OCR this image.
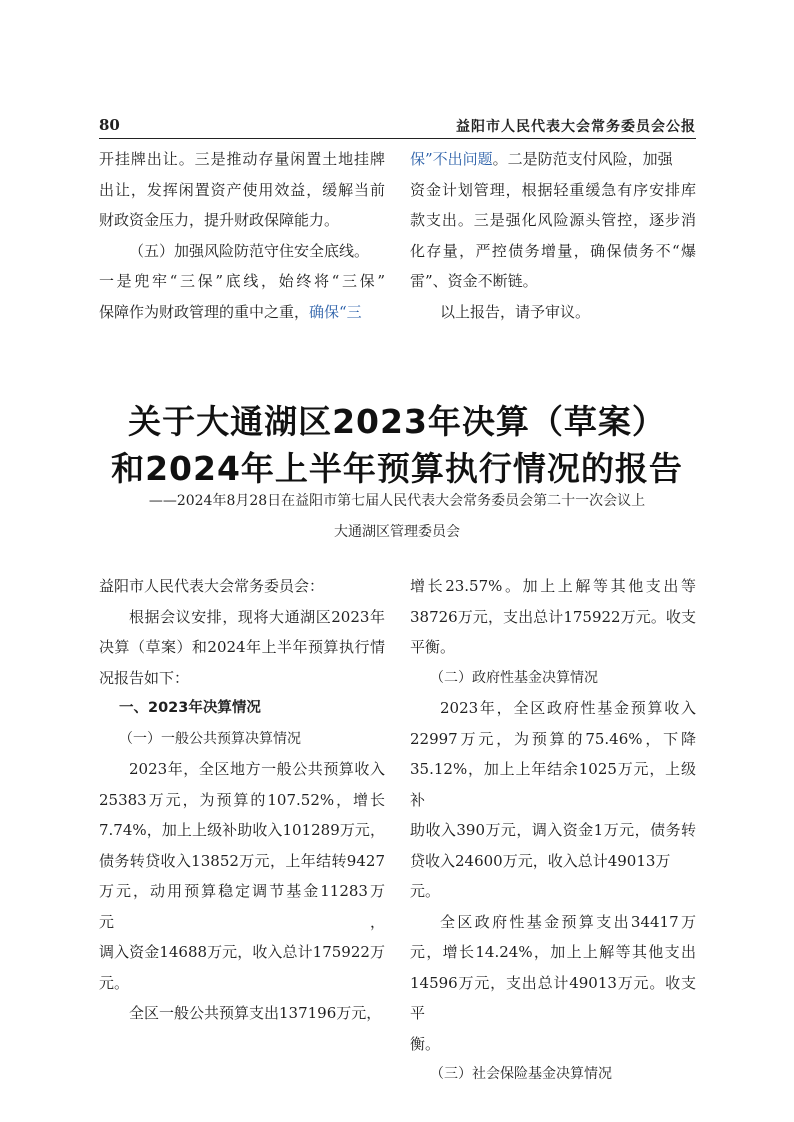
80	益阳市人民代表大会常务委员会公报

开挂牌出让。三是推动存量闲置土地挂牌

出让，发挥闲置资产使用效益，缓解当前

财政资金压力，提升财政保障能力。

（五）加强风险防范守住安全底线。

一是兜牢“三保”底线，始终将“三保”

保障作为财政管理的重中之重，确保“三

保”不出问题。二是防范支付风险，加强

资金计划管理，根据轻重缓急有序安排库

款支出。三是强化风险源头管控，逐步消

化存量，严控债务增量，确保债务不“爆

雷”、资金不断链。

以上报告，请予审议。

关于大通湖区2023年决算（草案）
和2024年上半年预算执行情况的报告
——2024年8月28日在益阳市第七届人民代表大会常务委员会第二十一次会议上
大通湖区管理委员会

益阳市人民代表大会常务委员会：

根据会议安排，现将大通湖区2023年

决算（草案）和2024年上半年预算执行情

况报告如下：

一、2023年决算情况

（一）一般公共预算决算情况

2023年，全区地方一般公共预算收入

25383万元，为预算的107.52%，增长

7.74%，加上上级补助收入101289万元，

债务转贷收入13852万元，上年结转9427

万元，动用预算稳定调节基金11283万元，

调入资金14688万元，收入总计175922万

元。

全区一般公共预算支出137196万元，

增长23.57%。加上上解等其他支出等

38726万元，支出总计175922万元。收支

平衡。

（二）政府性基金决算情况

2023年，全区政府性基金预算收入

22997万元，为预算的75.46%，下降

35.12%，加上上年结余1025万元，上级补

助收入390万元，调入资金1万元，债务转

贷收入24600万元，收入总计49013万元。

全区政府性基金预算支出34417万

元，增长14.24%，加上上解等其他支出

14596万元，支出总计49013万元。收支平

衡。

（三）社会保险基金决算情况
